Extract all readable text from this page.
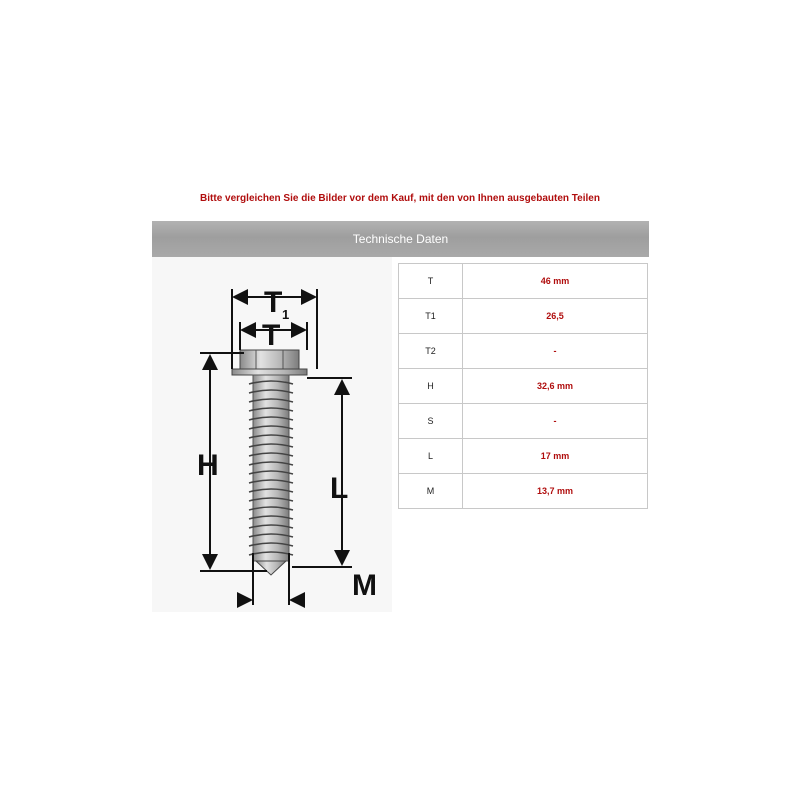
Bitte vergleichen Sie die Bilder vor dem Kauf, mit den von Ihnen ausgebauten Teilen
Technische Daten
T 1
T
H
L
M
T	46 mm
T1	26,5
T2	-
H	32,6 mm
S	-
L	17 mm
M	13,7 mm
